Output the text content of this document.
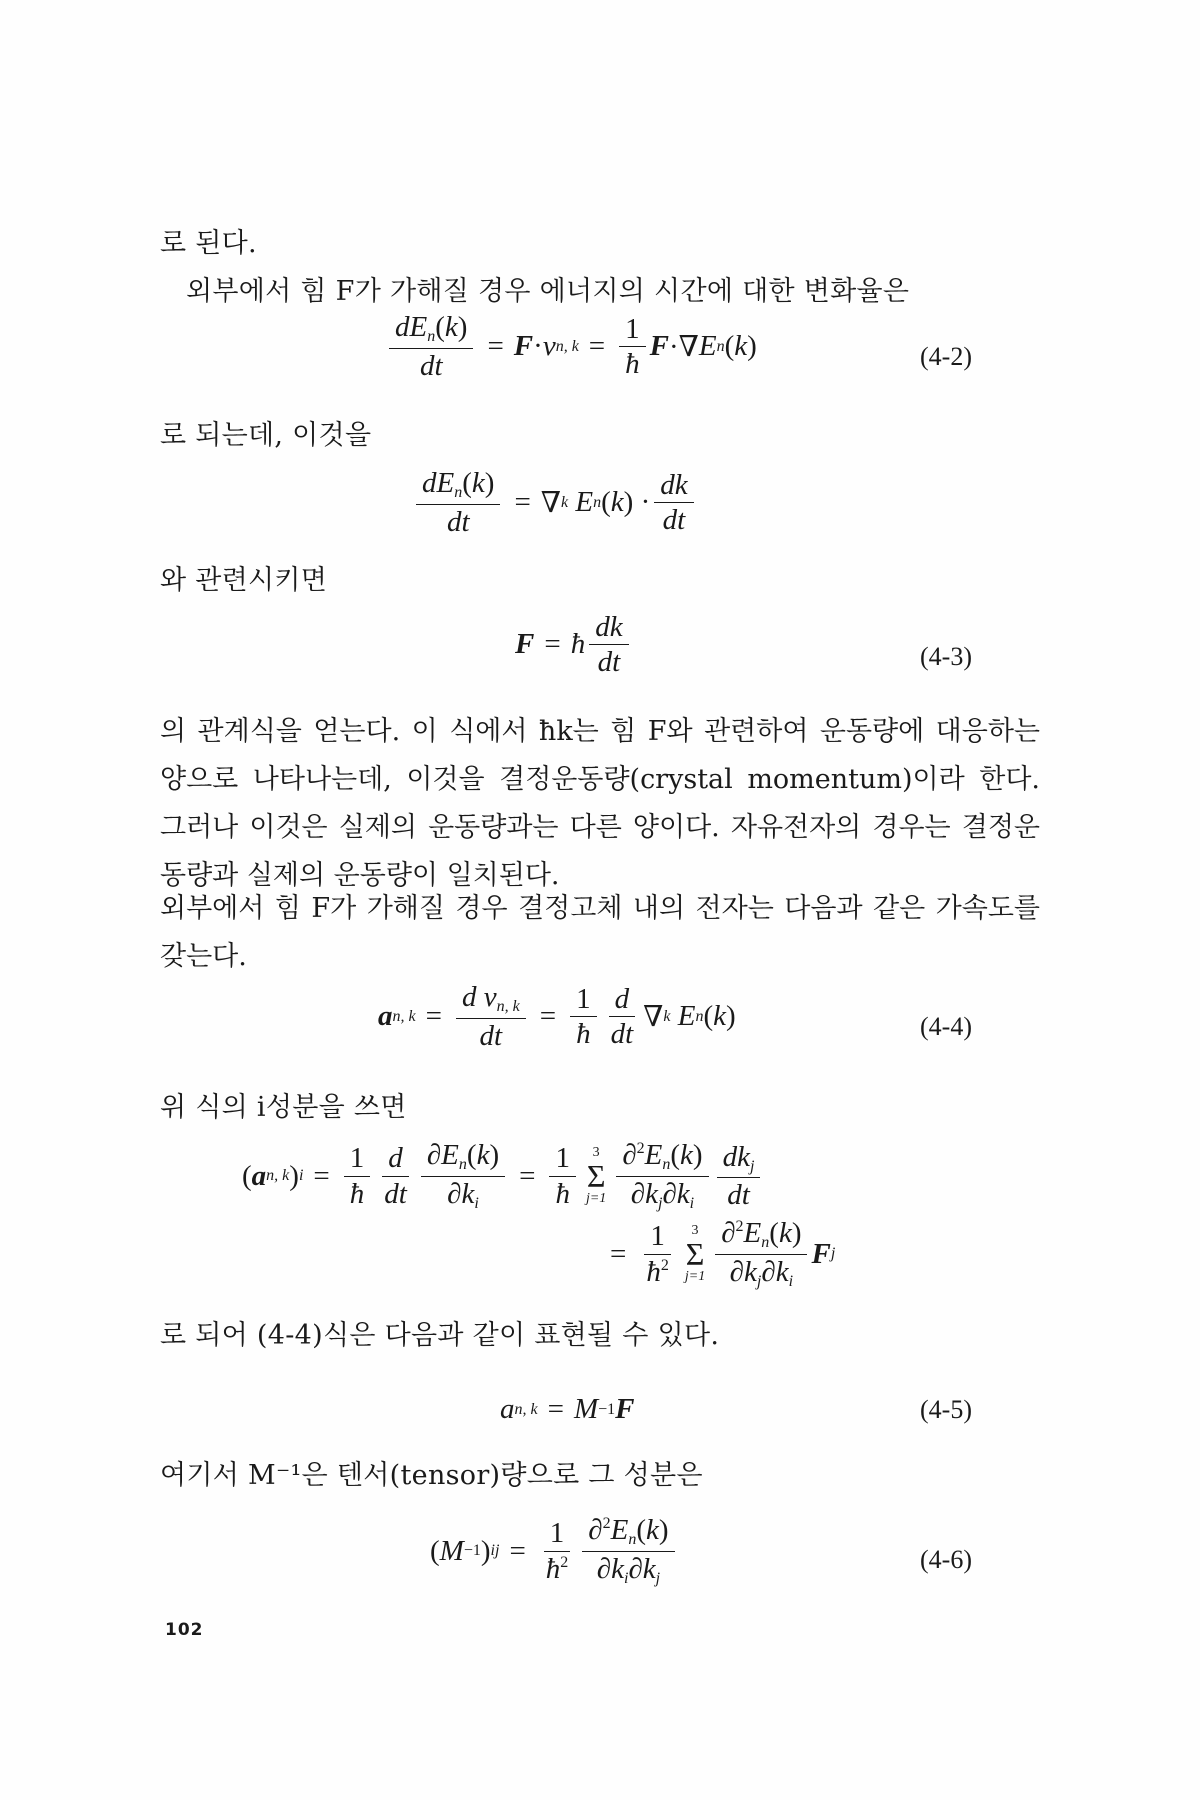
로 된다.
외부에서 힘 F가 가해질 경우 에너지의 시간에 대한 변화율은
$\frac{dE_n(k)}{dt} = F \cdot v$ n, $k = \frac{1}{ħ}$ F ·∇ E n ( k )	(4-2)
로 되는데, 이것을
$\frac{dE_n(k)}{dt}$ = ∇ k
E n ( k ) · $\frac{dk}{dt}$
와 관련시키면
F = ħ $\frac{dk}{dt}$	(4-3)
의 관계식을 얻는다. 이 식에서 ħk는 힘 F와 관련하여 운동량에 대응하는 양으로 나타나는데, 이것을 결정운동량(crystal momentum)이라 한다. 그러나 이것은 실제의 운동량과는 다른 양이다. 자유전자의 경우는 결정운동량과 실제의 운동량이 일치된다.
외부에서 힘 F가 가해질 경우 결정고체 내의 전자는 다음과 같은 가속도를 갖는다.
a n, $k = \frac{d v_{n, k}}{dt} = \frac{1}{ħ} \frac{d}{dt}$ ∇ k
E n ( k )	(4-4)
위 식의 i성분을 쓰면
( a n, k ) $i = \frac{1}{ħ} \frac{d}{dt} \frac{\partial E_n(k)}{\partial k_i} = \frac{1}{ħ} 3$
Σ
$j=1 \frac{\partial^2E_n(k)}{\partial k_j\partial k_i} \frac{dk_j}{dt}$
= $\frac{1}{ħ^2} 3$
Σ
$j=1 \frac{\partial^2E_n(k)}{\partial k_j\partial k_i}$ F j
로 되어 (4-4)식은 다음과 같이 표현될 수 있다.
a n, k = M −1 F	(4-5)
여기서 M⁻¹은 텐서(tensor)량으로 그 성분은
( M −1 ) ij = $\frac{1}{ħ^2} \frac{\partial^2E_n(k)}{\partial k_i\partial k_j}$	(4-6)
102
